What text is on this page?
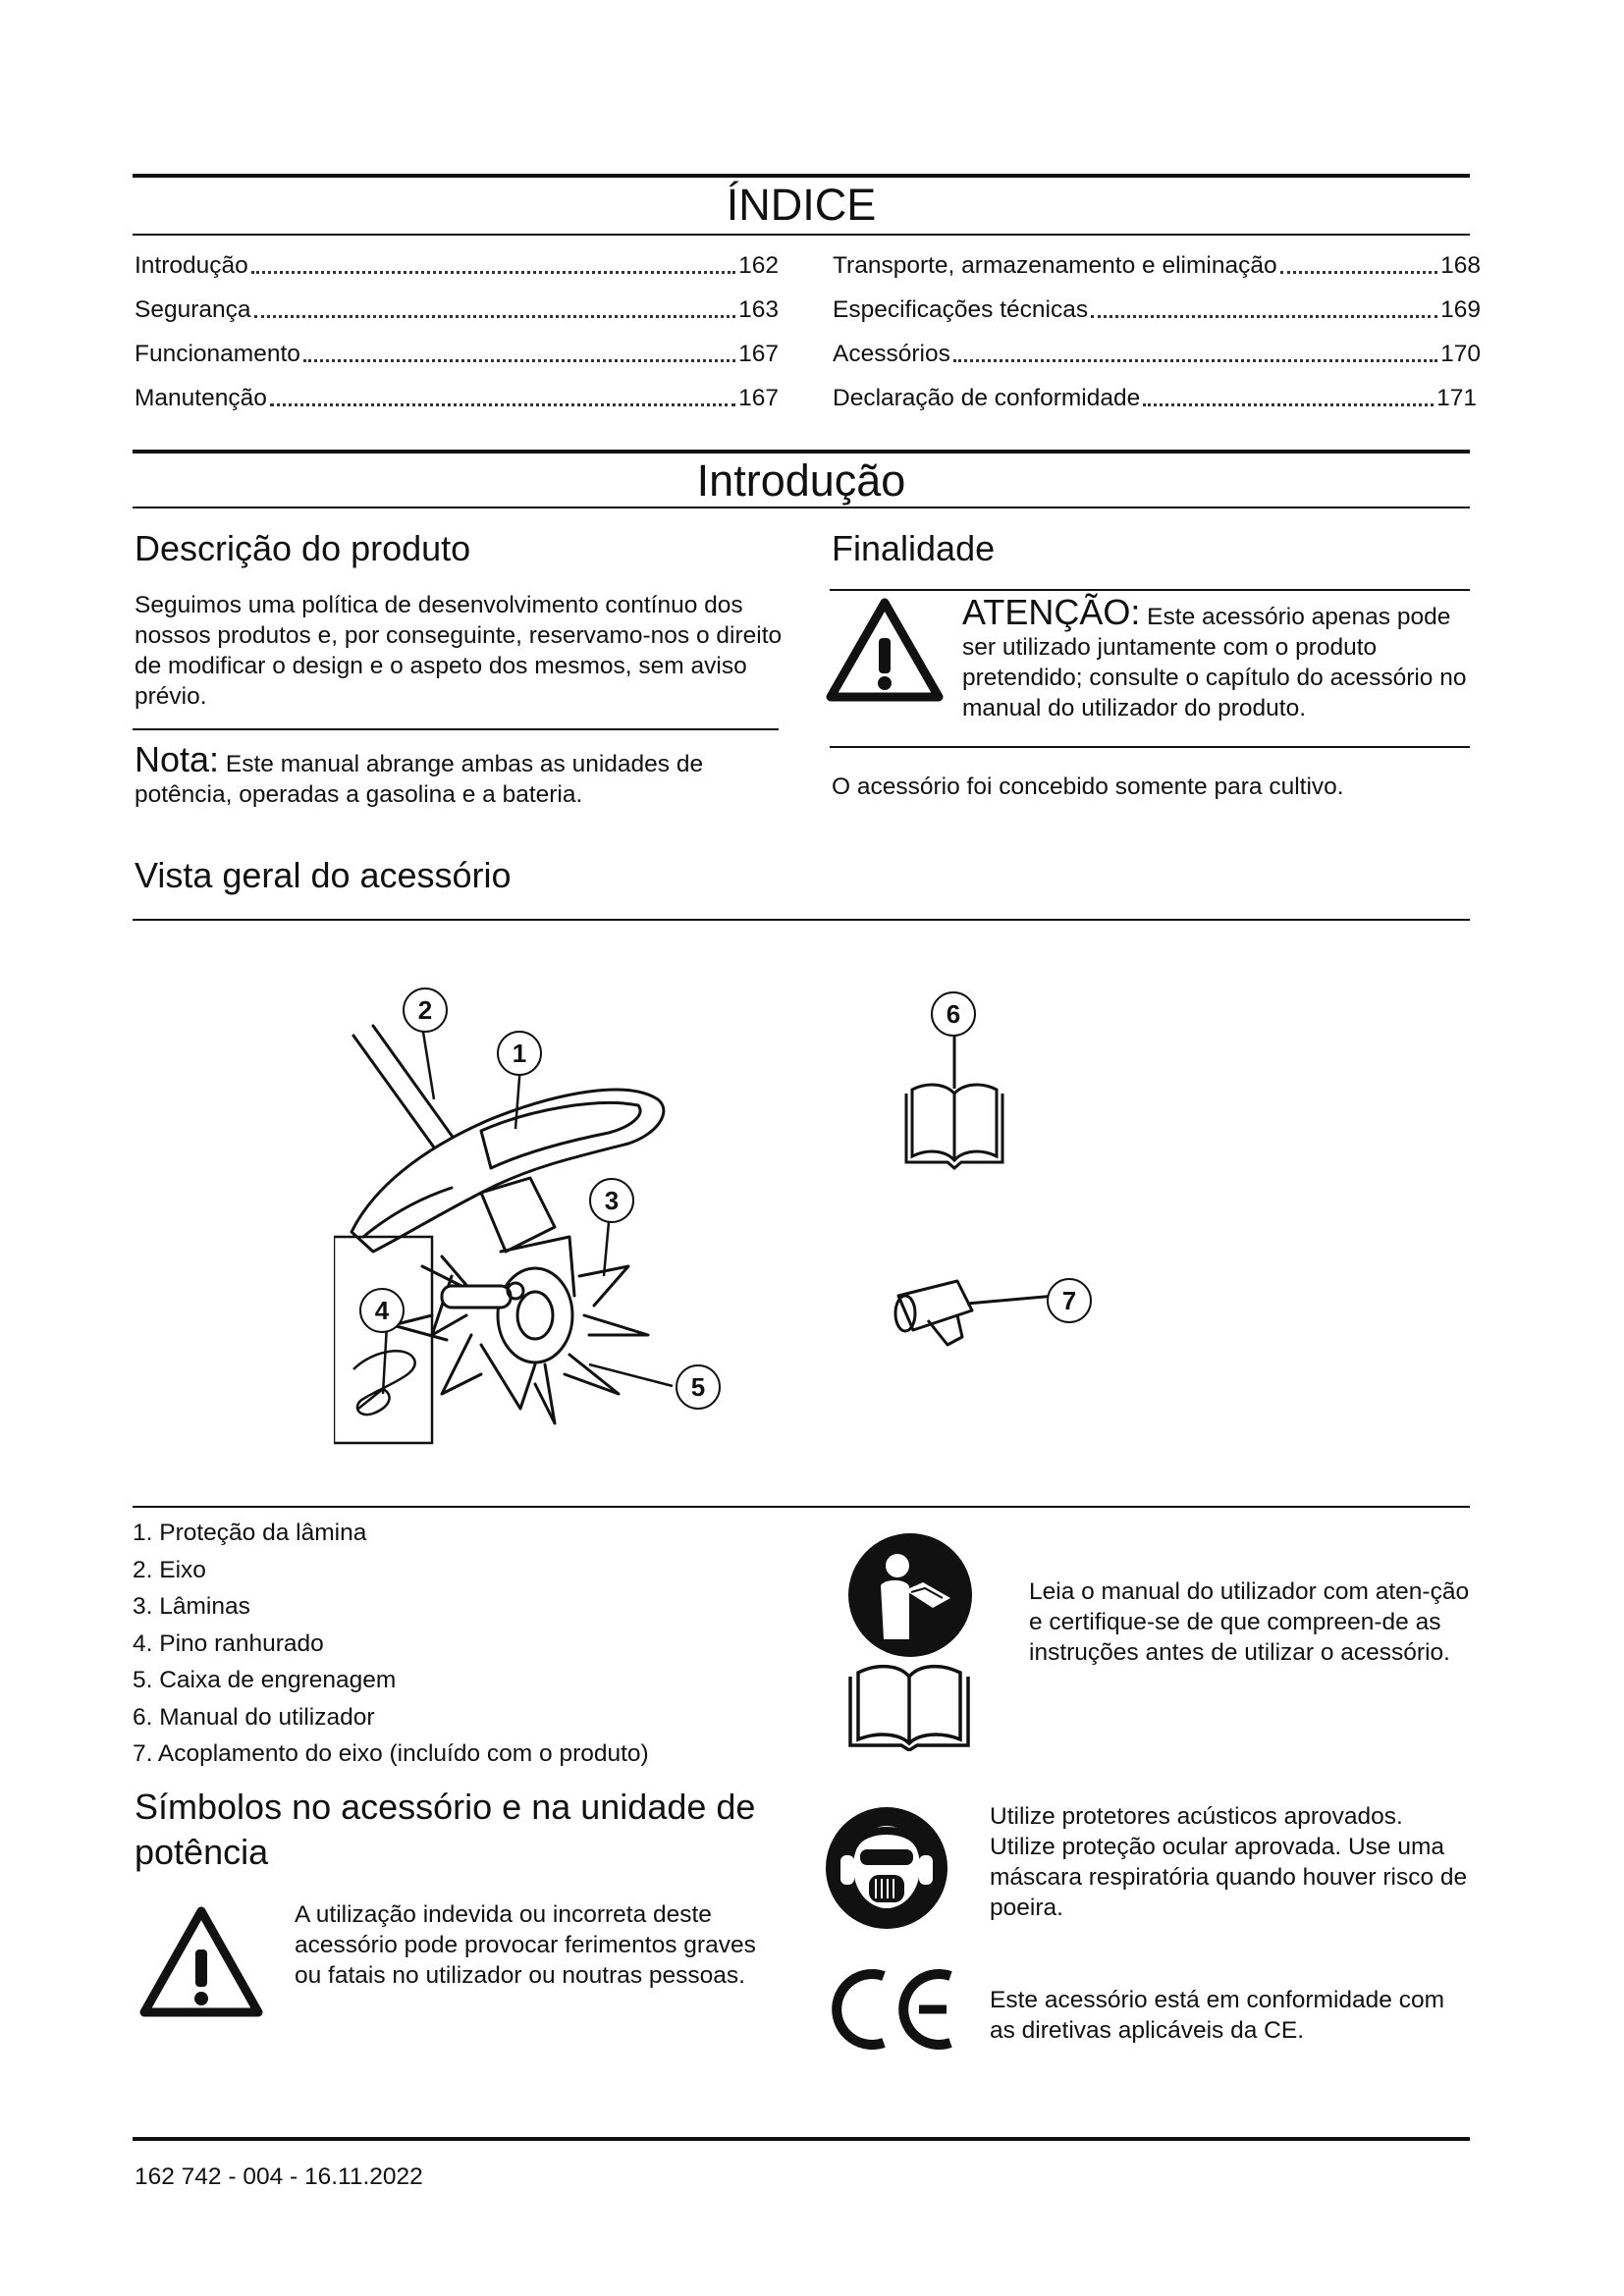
ÍNDICE
Introdução	162
Segurança	163
Funcionamento	167
Manutenção	167
Transporte, armazenamento e eliminação	168
Especificações técnicas	169
Acessórios	170
Declaração de conformidade	171
Introdução
Descrição do produto

Seguimos uma política de desenvolvimento contínuo dos nossos produtos e, por conseguinte, reservamo-nos o direito de modificar o design e o aspeto dos mesmos, sem aviso prévio.

Nota: Este manual abrange ambas as unidades de potência, operadas a gasolina e a bateria.

Finalidade

ATENÇÃO: Este acessório apenas pode ser utilizado juntamente com o produto pretendido; consulte o capítulo do acessório no manual do utilizador do produto.

O acessório foi concebido somente para cultivo.

Vista geral do acessório
2
1
3
4
5
6
7
1. Proteção da lâmina
2. Eixo
3. Lâminas
4. Pino ranhurado
5. Caixa de engrenagem
6. Manual do utilizador
7. Acoplamento do eixo (incluído com o produto)
Símbolos no acessório e na unidade de potência

A utilização indevida ou incorreta deste acessório pode provocar ferimentos graves ou fatais no utilizador ou noutras pessoas.

Leia o manual do utilizador com aten-ção e certifique-se de que compreen-de as instruções antes de utilizar o acessório.

Utilize protetores acústicos aprovados. Utilize proteção ocular aprovada. Use uma máscara respiratória quando houver risco de poeira.

Este acessório está em conformidade com as diretivas aplicáveis da CE.

162 742 - 004 - 16.11.2022
